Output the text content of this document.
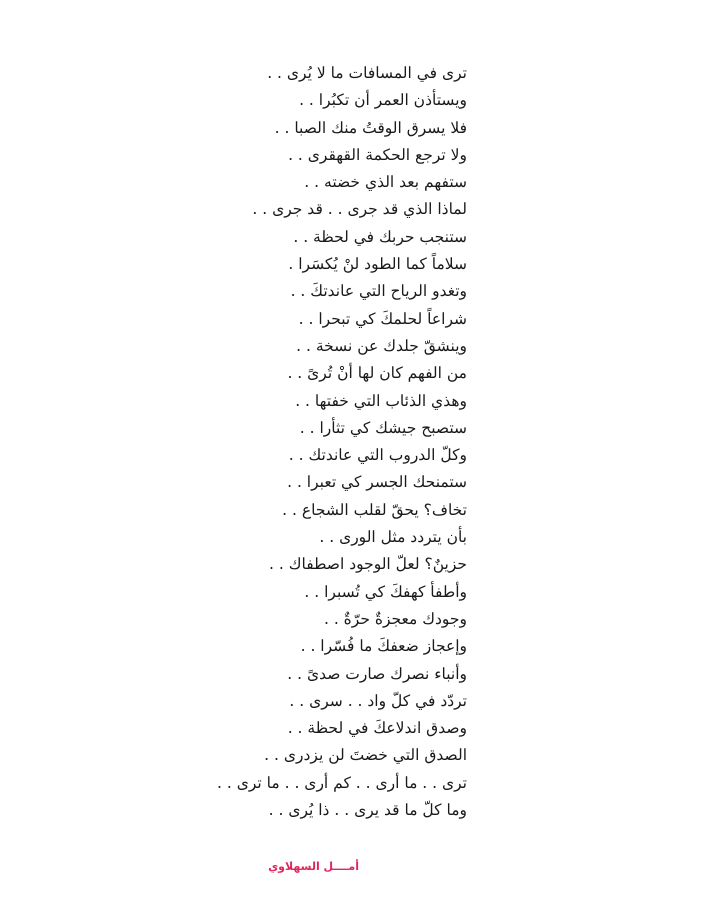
ترى في المسافات ما لا يُرى . .
ويستأذن العمر أن تكبُرا . .
فلا يسرق الوقتُ منك الصبا . .
ولا ترجع الحكمة القهقرى . .
ستفهم بعد الذي خضته . .
لماذا الذي قد جرى . . قد جرى . .
ستنجب حربك في لحظة . .
سلاماً كما الطود لنْ يُكسَرا .
وتغدو الرياح التي عاندتكَ . .
شراعاً لحلمكَ كي تبحرا . .
وينشقّ جلدك عن نسخة . .
من الفهم كان لها أنْ تُرىً . .
وهذي الذئاب التي خفتها . .
ستصبح جيشك كي تثأرا . .
وكلّ الدروب التي عاندتك . .
ستمنحك الجسر كي تعبرا . .
تخاف؟ يحقّ لقلب الشجاع . .
بأن يتردد مثل الورى . .
حزينٌ؟ لعلّ الوجود اصطفاك . .
وأطفأ كهفكَ كي تُسبرا . .
وجودك معجزةٌ حرّةٌ . .
وإعجاز ضعفكَ ما فُسّرا . .
وأنباء نصرك صارت صدىً . .
تردّد في كلّ واد . . سرى . .
وصدق اندلاعكَ في لحظة . .
الصدق التي خضتَ لن يزدرى . .
ترى . . ما أرى . . كم أرى . . ما ترى . .
وما كلّ ما قد يرى . . ذا يُرى . .
أمــــل السهلاوي
